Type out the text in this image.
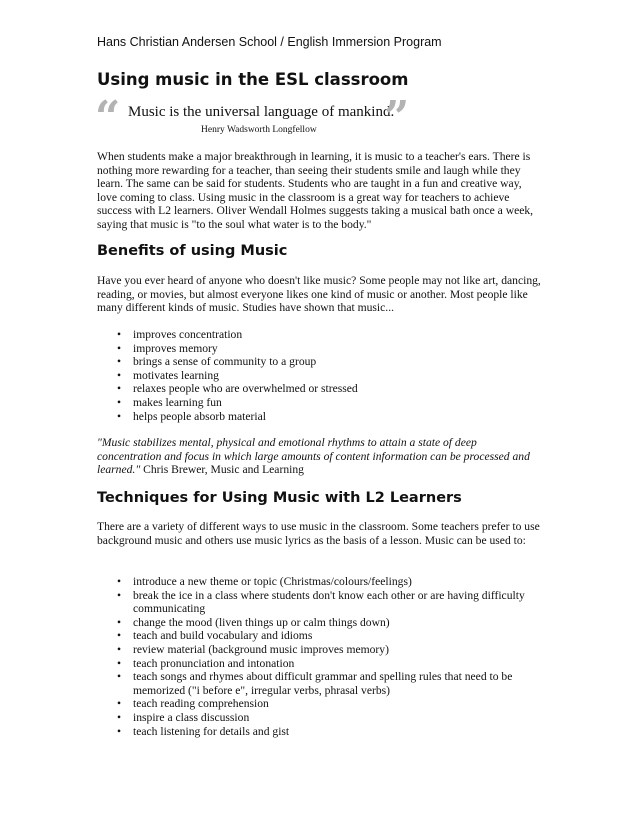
Hans Christian Andersen School / English Immersion Program
Using music in the ESL classroom
“ Music is the universal language of mankind.
”
Henry Wadsworth Longfellow

When students make a major breakthrough in learning, it is music to a teacher's ears. There is nothing more rewarding for a teacher, than seeing their students smile and laugh while they learn. The same can be said for students. Students who are taught in a fun and creative way, love coming to class. Using music in the classroom is a great way for teachers to achieve success with L2 learners. Oliver Wendall Holmes suggests taking a musical bath once a week, saying that music is "to the soul what water is to the body."

Benefits of using Music

Have you ever heard of anyone who doesn't like music? Some people may not like art, dancing, reading, or movies, but almost everyone likes one kind of music or another. Most people like many different kinds of music. Studies have shown that music...

• improves concentration
• improves memory
• brings a sense of community to a group
• motivates learning
• relaxes people who are overwhelmed or stressed
• makes learning fun
• helps people absorb material

"Music stabilizes mental, physical and emotional rhythms to attain a state of deep concentration and focus in which large amounts of content information can be processed and learned." Chris Brewer, Music and Learning

Techniques for Using Music with L2 Learners

There are a variety of different ways to use music in the classroom. Some teachers prefer to use background music and others use music lyrics as the basis of a lesson. Music can be used to:

• introduce a new theme or topic (Christmas/colours/feelings)
• break the ice in a class where students don't know each other or are having difficulty communicating
• change the mood (liven things up or calm things down)
• teach and build vocabulary and idioms
• review material (background music improves memory)
• teach pronunciation and intonation
• teach songs and rhymes about difficult grammar and spelling rules that need to be memorized ("i before e", irregular verbs, phrasal verbs)
• teach reading comprehension
• inspire a class discussion
• teach listening for details and gist
